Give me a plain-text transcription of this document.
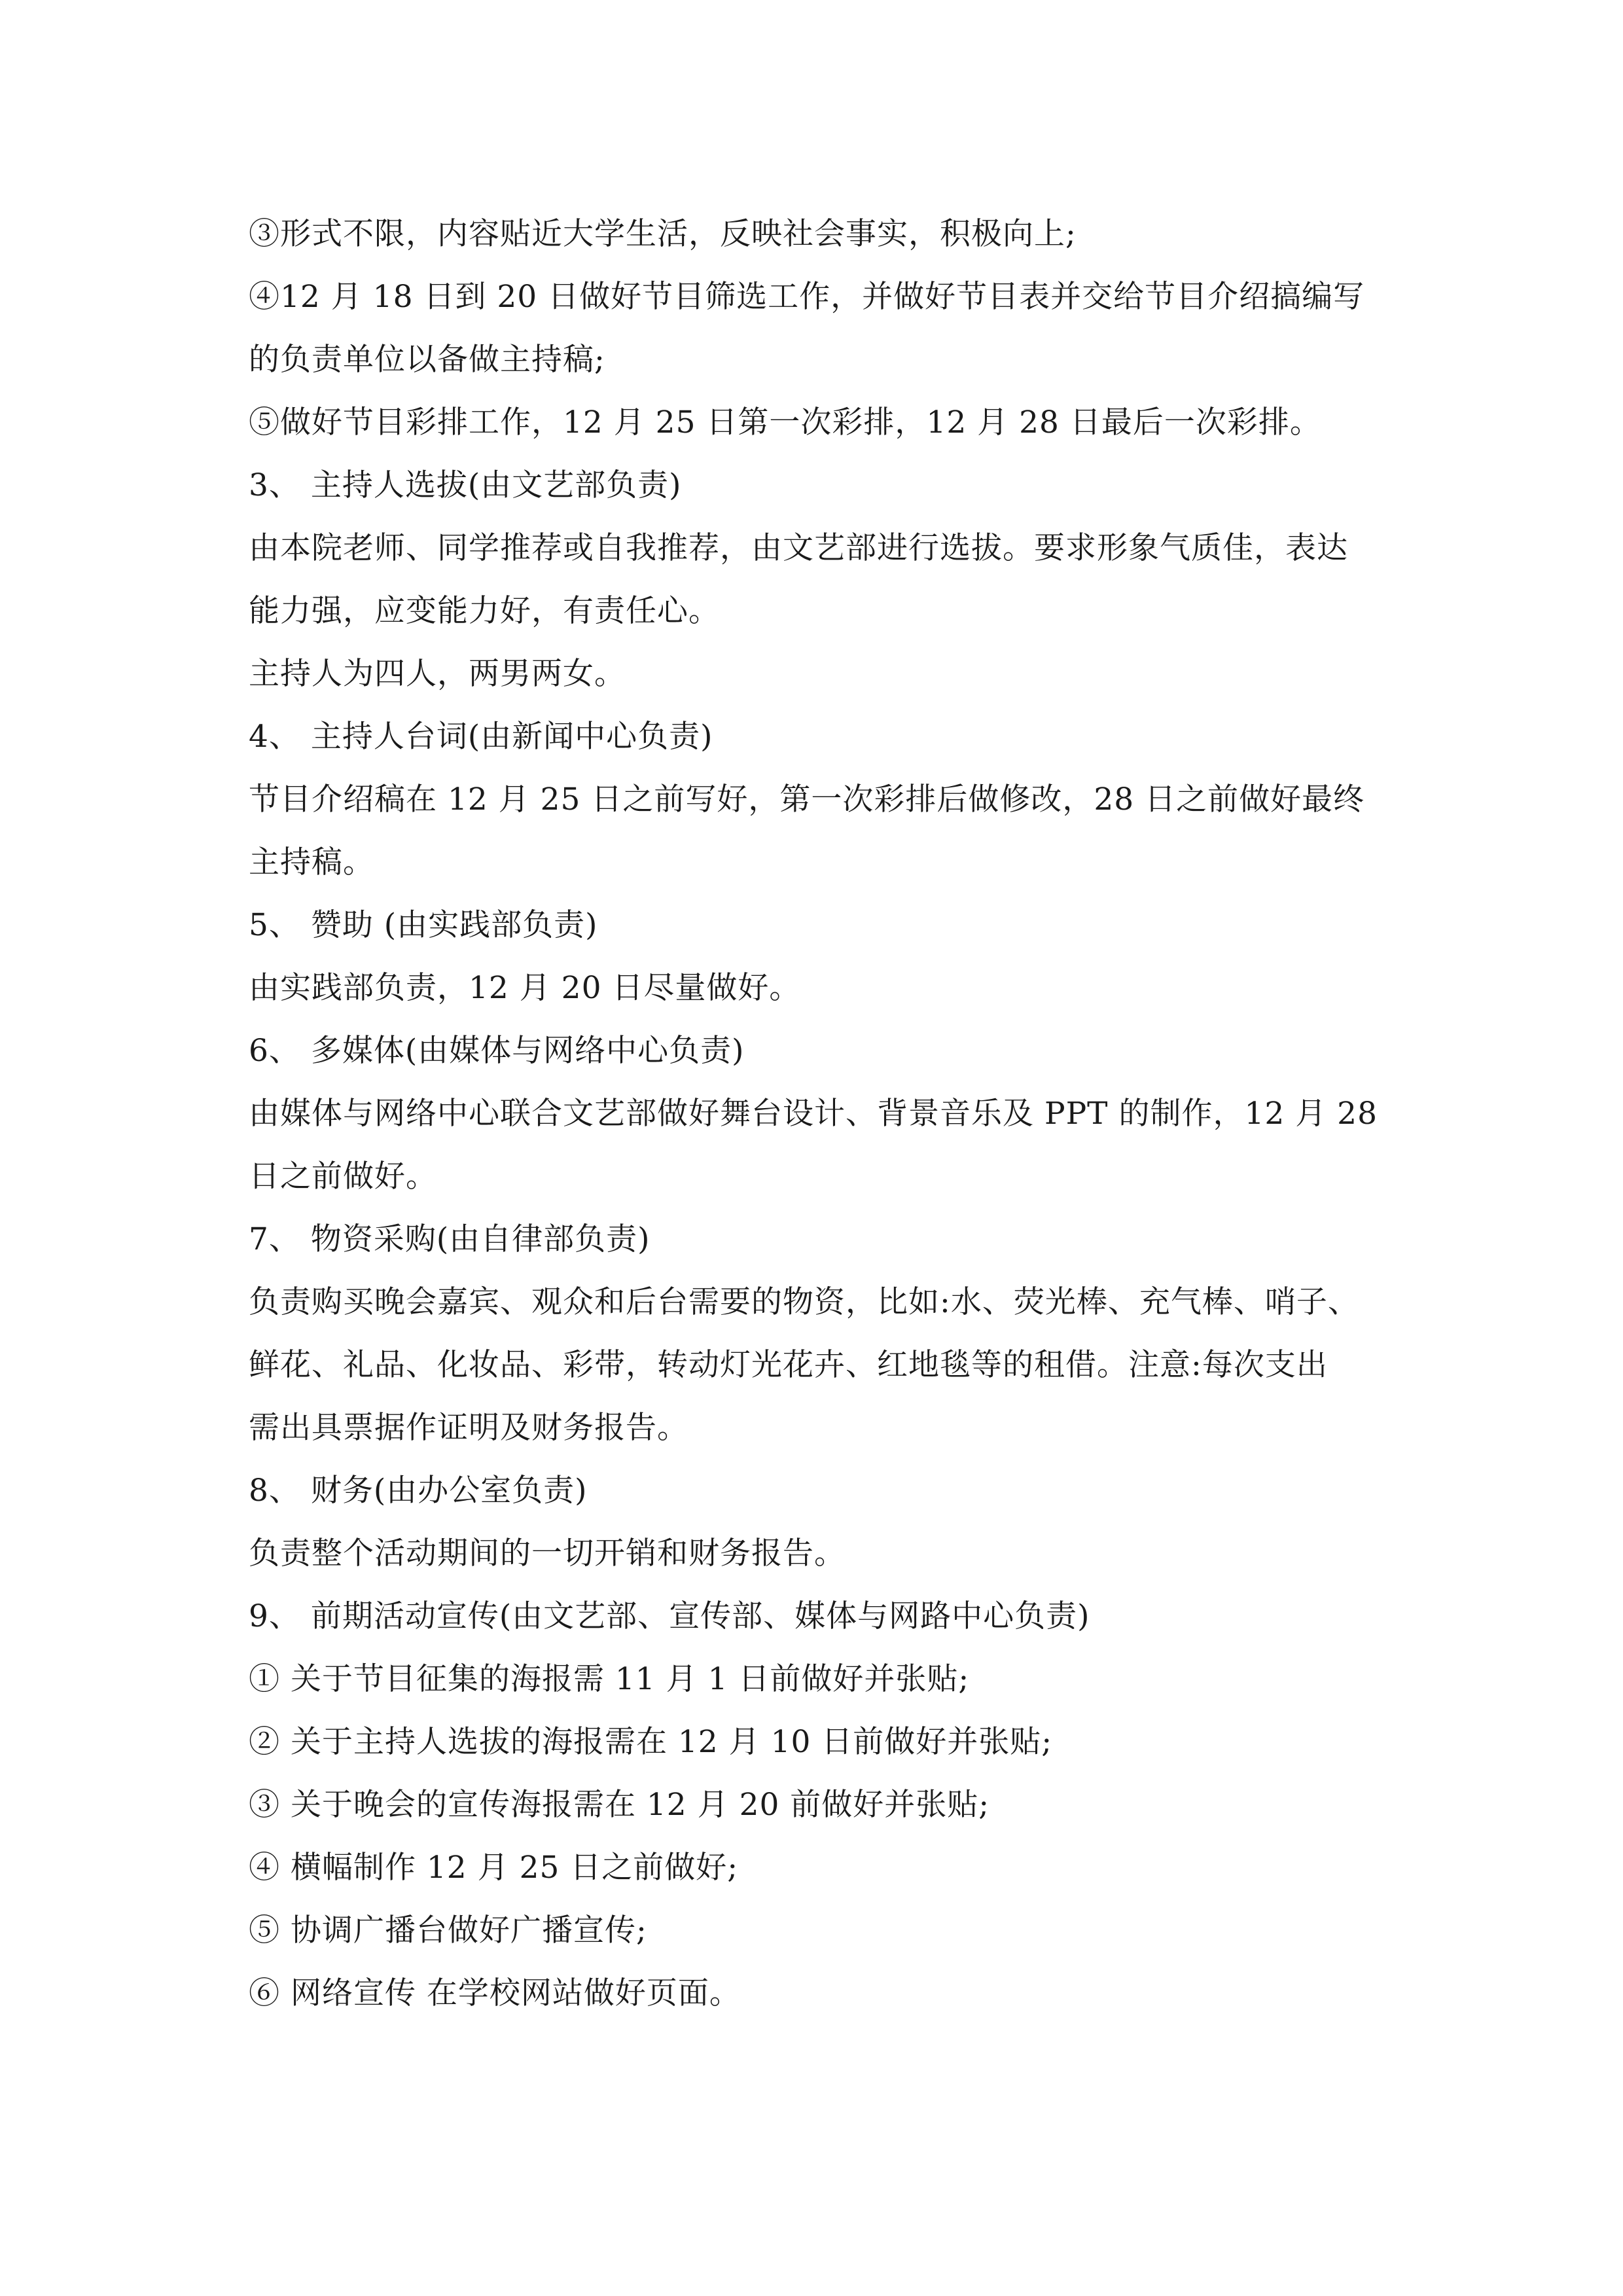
③形式不限，内容贴近大学生活，反映社会事实，积极向上;
④12 月 18 日到 20 日做好节目筛选工作，并做好节目表并交给节目介绍搞编写
的负责单位以备做主持稿;
⑤做好节目彩排工作，12 月 25 日第一次彩排，12 月 28 日最后一次彩排。
3、 主持人选拔(由文艺部负责)
由本院老师、同学推荐或自我推荐，由文艺部进行选拔。要求形象气质佳，表达
能力强，应变能力好，有责任心。
主持人为四人，两男两女。
4、 主持人台词(由新闻中心负责)
节目介绍稿在 12 月 25 日之前写好，第一次彩排后做修改，28 日之前做好最终
主持稿。
5、 赞助 (由实践部负责)
由实践部负责，12 月 20 日尽量做好。
6、 多媒体(由媒体与网络中心负责)
由媒体与网络中心联合文艺部做好舞台设计、背景音乐及 PPT 的制作，12 月 28
日之前做好。
7、 物资采购(由自律部负责)
负责购买晚会嘉宾、观众和后台需要的物资，比如:水、荧光棒、充气棒、哨子、
鲜花、礼品、化妆品、彩带，转动灯光花卉、红地毯等的租借。注意:每次支出
需出具票据作证明及财务报告。
8、 财务(由办公室负责)
负责整个活动期间的一切开销和财务报告。
9、 前期活动宣传(由文艺部、宣传部、媒体与网路中心负责)
① 关于节目征集的海报需 11 月 1 日前做好并张贴;
② 关于主持人选拔的海报需在 12 月 10 日前做好并张贴;
③ 关于晚会的宣传海报需在 12 月 20 前做好并张贴;
④ 横幅制作 12 月 25 日之前做好;
⑤ 协调广播台做好广播宣传;
⑥ 网络宣传 在学校网站做好页面。
